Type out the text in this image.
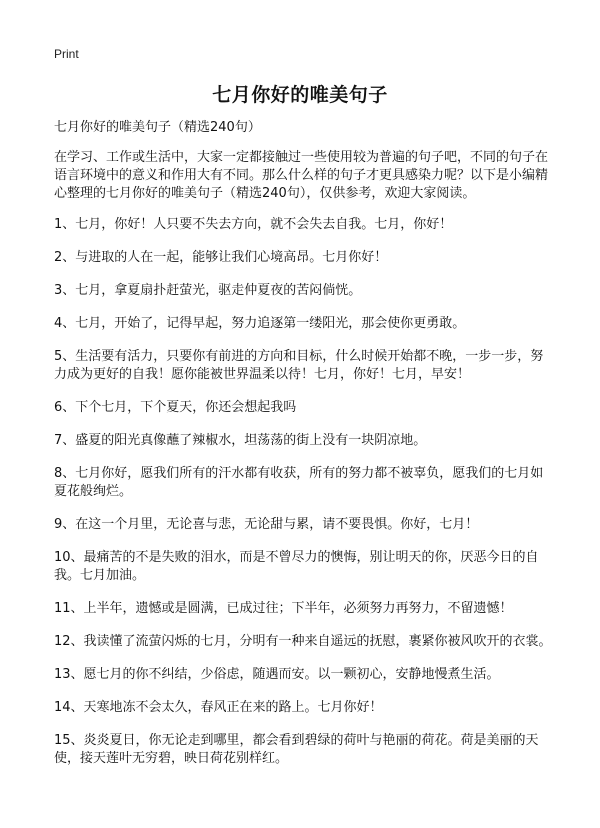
Print
七月你好的唯美句子

七月你好的唯美句子（精选240句）

在学习、工作或生活中，大家一定都接触过一些使用较为普遍的句子吧，不同的句子在语言环境中的意义和作用大有不同。那么什么样的句子才更具感染力呢？以下是小编精心整理的七月你好的唯美句子（精选240句），仅供参考，欢迎大家阅读。

1、七月，你好！人只要不失去方向，就不会失去自我。七月，你好！

2、与进取的人在一起，能够让我们心境高昂。七月你好！

3、七月，拿夏扇扑赶萤光，驱走仲夏夜的苦闷倘恍。

4、七月，开始了，记得早起，努力追逐第一缕阳光，那会使你更勇敢。

5、生活要有活力，只要你有前进的方向和目标，什么时候开始都不晚，一步一步，努力成为更好的自我！愿你能被世界温柔以待！七月，你好！七月，早安！

6、下个七月，下个夏天，你还会想起我吗

7、盛夏的阳光真像蘸了辣椒水，坦荡荡的街上没有一块阴凉地。

8、七月你好，愿我们所有的汗水都有收获，所有的努力都不被辜负，愿我们的七月如夏花般绚烂。

9、在这一个月里，无论喜与悲，无论甜与累，请不要畏惧。你好，七月！

10、最痛苦的不是失败的泪水，而是不曾尽力的懊悔，别让明天的你，厌恶今日的自我。七月加油。

11、上半年，遗憾或是圆满，已成过往；下半年，必须努力再努力，不留遗憾！

12、我读懂了流萤闪烁的七月，分明有一种来自遥远的抚慰，裹紧你被风吹开的衣裳。

13、愿七月的你不纠结，少俗虑，随遇而安。以一颗初心，安静地慢煮生活。

14、天寒地冻不会太久，春风正在来的路上。七月你好！

15、炎炎夏日，你无论走到哪里，都会看到碧绿的荷叶与艳丽的荷花。荷是美丽的天使，接天莲叶无穷碧，映日荷花别样红。
